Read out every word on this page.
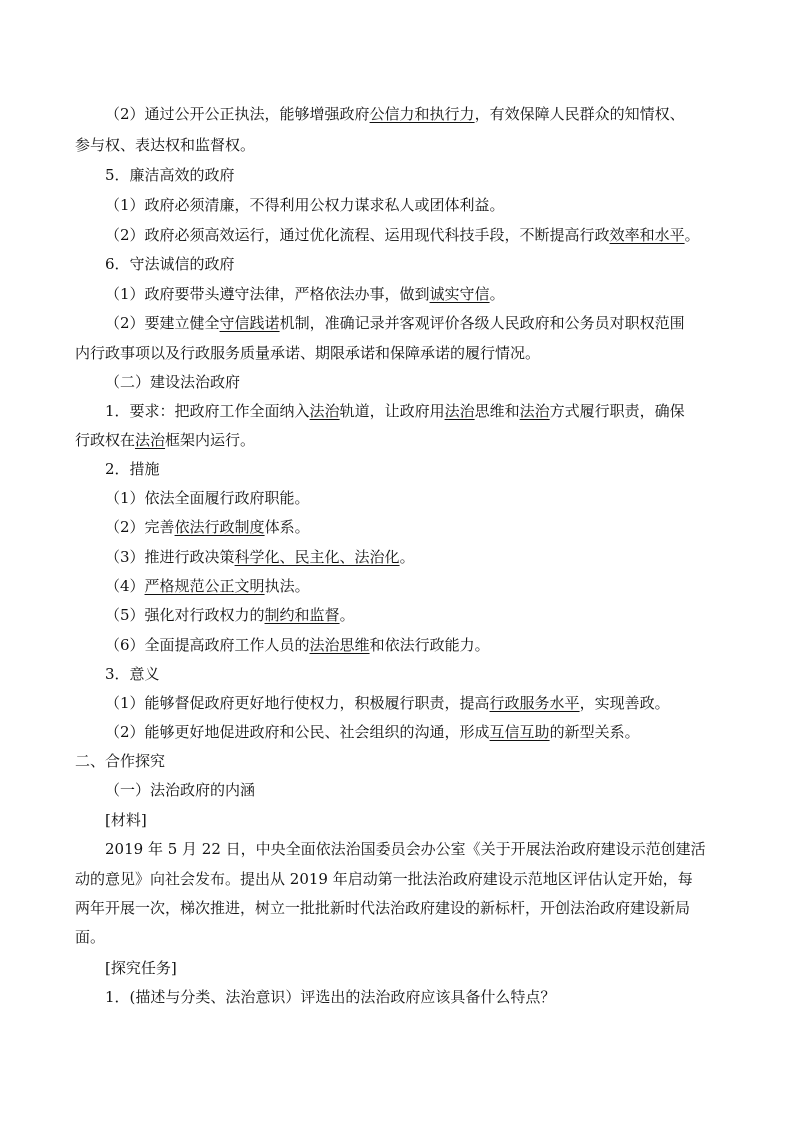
（2）通过公开公正执法，能够增强政府公信力和执行力，有效保障人民群众的知情权、

参与权、表达权和监督权。

5．廉洁高效的政府

（1）政府必须清廉，不得利用公权力谋求私人或团体利益。

（2）政府必须高效运行，通过优化流程、运用现代科技手段，不断提高行政效率和水平。

6．守法诚信的政府

（1）政府要带头遵守法律，严格依法办事，做到诚实守信。

（2）要建立健全守信践诺机制，准确记录并客观评价各级人民政府和公务员对职权范围

内行政事项以及行政服务质量承诺、期限承诺和保障承诺的履行情况。

（二）建设法治政府

1．要求：把政府工作全面纳入法治轨道，让政府用法治思维和法治方式履行职责，确保

行政权在法治框架内运行。

2．措施

（1）依法全面履行政府职能。

（2）完善依法行政制度体系。

（3）推进行政决策科学化、民主化、法治化。

（4）严格规范公正文明执法。

（5）强化对行政权力的制约和监督。

（6）全面提高政府工作人员的法治思维和依法行政能力。

3．意义

（1）能够督促政府更好地行使权力，积极履行职责，提高行政服务水平，实现善政。

（2）能够更好地促进政府和公民、社会组织的沟通，形成互信互助的新型关系。

二、合作探究

（一）法治政府的内涵

[材料]

2019 年 5 月 22 日，中央全面依法治国委员会办公室《关于开展法治政府建设示范创建活

动的意见》向社会发布。提出从 2019 年启动第一批法治政府建设示范地区评估认定开始，每

两年开展一次，梯次推进，树立一批批新时代法治政府建设的新标杆，开创法治政府建设新局

面。

[探究任务]

1．(描述与分类、法治意识）评选出的法治政府应该具备什么特点？
